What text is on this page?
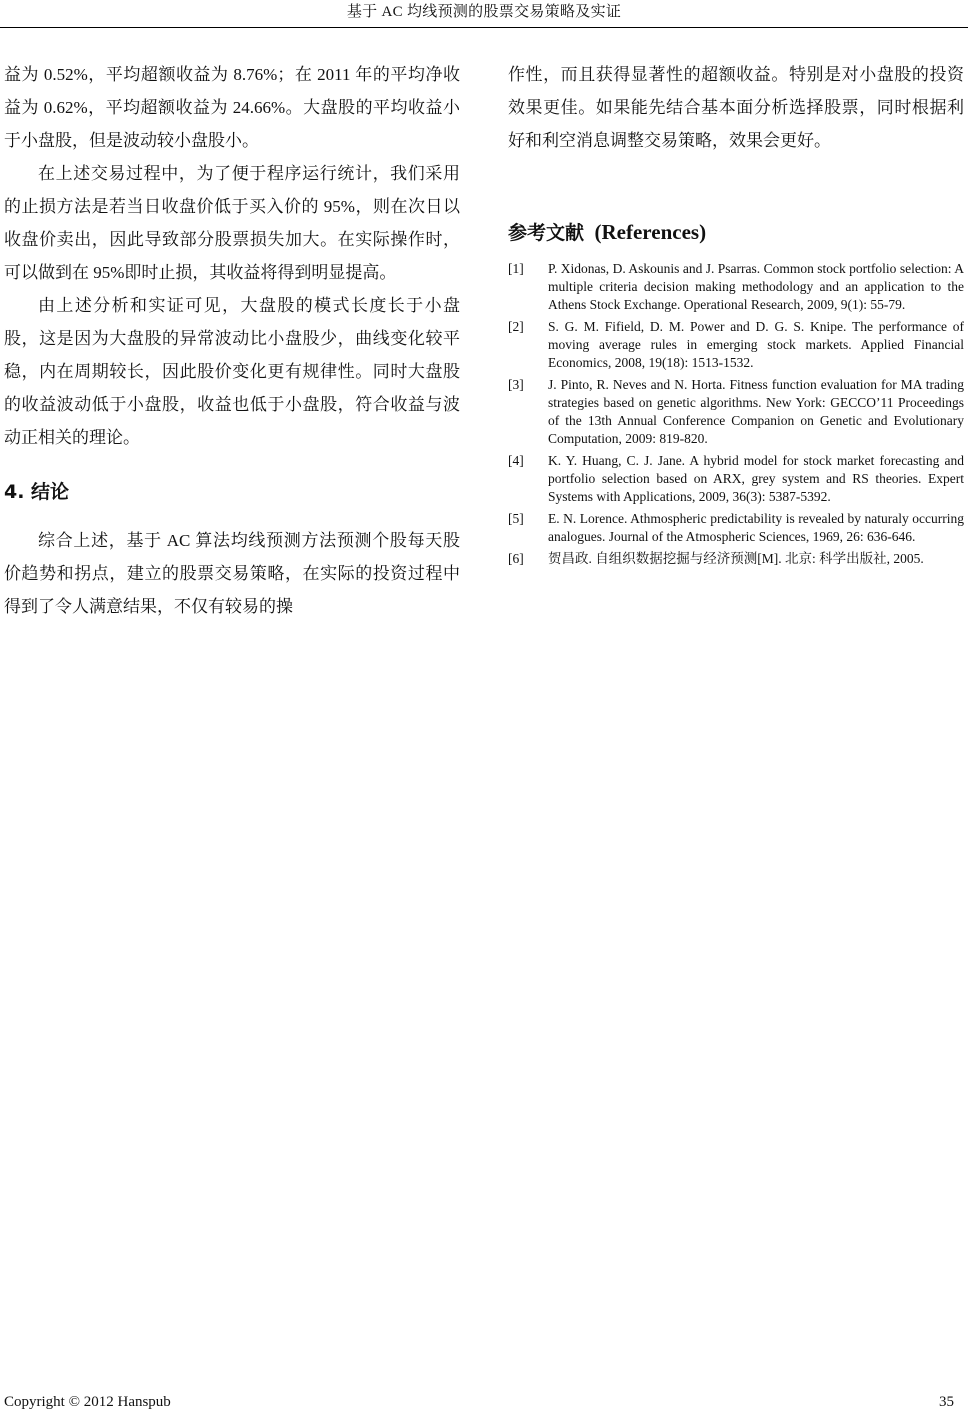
基于 AC 均线预测的股票交易策略及实证

益为 0.52%，平均超额收益为 8.76%；在 2011 年的平均净收益为 0.62%，平均超额收益为 24.66%。大盘股的平均收益小于小盘股，但是波动较小盘股小。

在上述交易过程中，为了便于程序运行统计，我们采用的止损方法是若当日收盘价低于买入价的 95%，则在次日以收盘价卖出，因此导致部分股票损失加大。在实际操作时，可以做到在 95%即时止损，其收益将得到明显提高。

由上述分析和实证可见，大盘股的模式长度长于小盘股，这是因为大盘股的异常波动比小盘股少，曲线变化较平稳，内在周期较长，因此股价变化更有规律性。同时大盘股的收益波动低于小盘股，收益也低于小盘股，符合收益与波动正相关的理论。

4. 结论

综合上述，基于 AC 算法均线预测方法预测个股每天股价趋势和拐点，建立的股票交易策略，在实际的投资过程中得到了令人满意结果，不仅有较易的操

作性，而且获得显著性的超额收益。特别是对小盘股的投资效果更佳。如果能先结合基本面分析选择股票，同时根据利好和利空消息调整交易策略，效果会更好。

参考文献 (References)
[1] P. Xidonas, D. Askounis and J. Psarras. Common stock portfolio selection: A multiple criteria decision making methodology and an application to the Athens Stock Exchange. Operational Research, 2009, 9(1): 55-79.
[2] S. G. M. Fifield, D. M. Power and D. G. S. Knipe. The performance of moving average rules in emerging stock markets. Applied Financial Economics, 2008, 19(18): 1513-1532.
[3] J. Pinto, R. Neves and N. Horta. Fitness function evaluation for MA trading strategies based on genetic algorithms. New York: GECCO’11 Proceedings of the 13th Annual Conference Companion on Genetic and Evolutionary Computation, 2009: 819-820.
[4] K. Y. Huang, C. J. Jane. A hybrid model for stock market forecasting and portfolio selection based on ARX, grey system and RS theories. Expert Systems with Applications, 2009, 36(3): 5387-5392.
[5] E. N. Lorence. Athmospheric predictability is revealed by naturaly occurring analogues. Journal of the Atmospheric Sciences, 1969, 26: 636-646.
[6] 贺昌政. 自组织数据挖掘与经济预测[M]. 北京: 科学出版社, 2005.
Copyright © 2012 Hanspub	35
